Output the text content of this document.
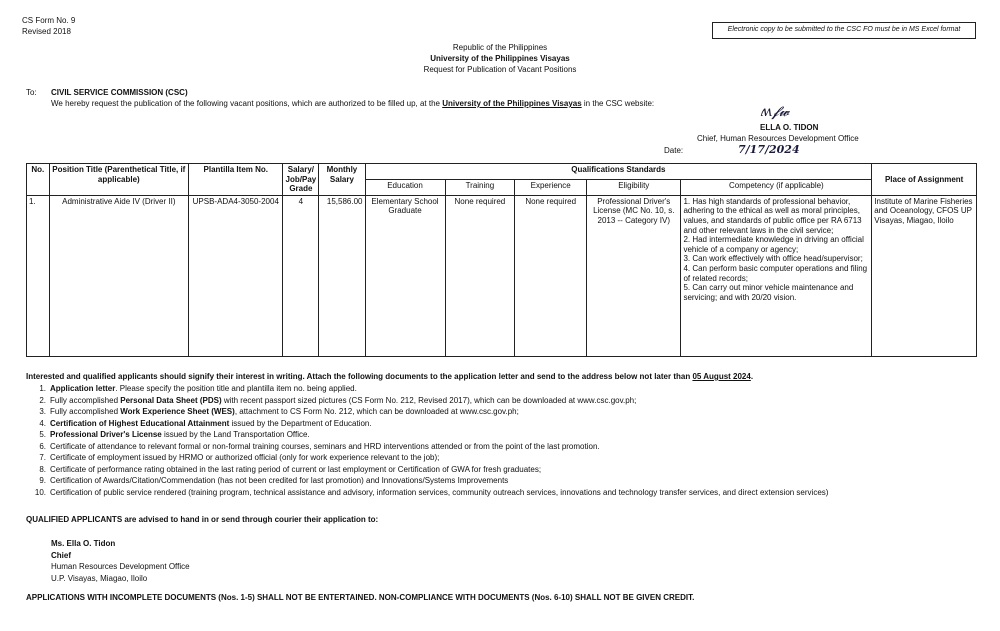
CS Form No. 9
Revised 2018	Electronic copy to be submitted to the CSC FO must be in MS Excel format
Republic of the Philippines
University of the Philippines Visayas
Request for Publication of Vacant Positions
To: CIVIL SERVICE COMMISSION (CSC)
We hereby request the publication of the following vacant positions, which are authorized to be filled up, at the University of the Philippines Visayas in the CSC website:
ʍ𝓯𝔀
ELLA O. TIDON
Chief, Human Resources Development Office
Date:	7/17/2024
No.	Position Title (Parenthetical Title, if applicable)	Plantilla Item No.	Salary/ Job/Pay Grade	Monthly Salary	Qualifications Standards					Place of Assignment
					Education	Training	Experience	Eligibility	Competency (if applicable)	
1.	Administrative Aide IV (Driver II)	UPSB-ADA4-3050-2004	4	15,586.00	Elementary School Graduate	None required	None required	Professional Driver's License (MC No. 10, s. 2013 -- Category IV)	1. Has high standards of professional behavior, adhering to the ethical as well as moral principles, values, and standards of public office per RA 6713 and other relevant laws in the civil service;
2. Had intermediate knowledge in driving an official vehicle of a company or agency;
3. Can work effectively with office head/supervisor;
4. Can perform basic computer operations and filing of related records;
5. Can carry out minor vehicle maintenance and servicing; and with 20/20 vision.	Institute of Marine Fisheries and Oceanology, CFOS UP Visayas, Miagao, Iloilo
Interested and qualified applicants should signify their interest in writing. Attach the following documents to the application letter and send to the address below not later than 05 August 2024.
1. Application letter. Please specify the position title and plantilla item no. being applied.
2. Fully accomplished Personal Data Sheet (PDS) with recent passport sized pictures (CS Form No. 212, Revised 2017), which can be downloaded at www.csc.gov.ph;
3. Fully accomplished Work Experience Sheet (WES), attachment to CS Form No. 212, which can be downloaded at www.csc.gov.ph;
4. Certification of Highest Educational Attainment issued by the Department of Education.
5. Professional Driver's License issued by the Land Transportation Office.
6. Certificate of attendance to relevant formal or non-formal training courses, seminars and HRD interventions attended or from the point of the last promotion.
7. Certificate of employment issued by HRMO or authorized official (only for work experience relevant to the job);
8. Certificate of performance rating obtained in the last rating period of current or last employment or Certification of GWA for fresh graduates;
9. Certification of Awards/Citation/Commendation (has not been credited for last promotion) and Innovations/Systems Improvements
10. Certification of public service rendered (training program, technical assistance and advisory, information services, community outreach services, innovations and technology transfer services, and direct extension services)
QUALIFIED APPLICANTS are advised to hand in or send through courier their application to:
Ms. Ella O. Tidon
Chief
Human Resources Development Office
U.P. Visayas, Miagao, Iloilo
APPLICATIONS WITH INCOMPLETE DOCUMENTS (Nos. 1-5) SHALL NOT BE ENTERTAINED. NON-COMPLIANCE WITH DOCUMENTS (Nos. 6-10) SHALL NOT BE GIVEN CREDIT.
